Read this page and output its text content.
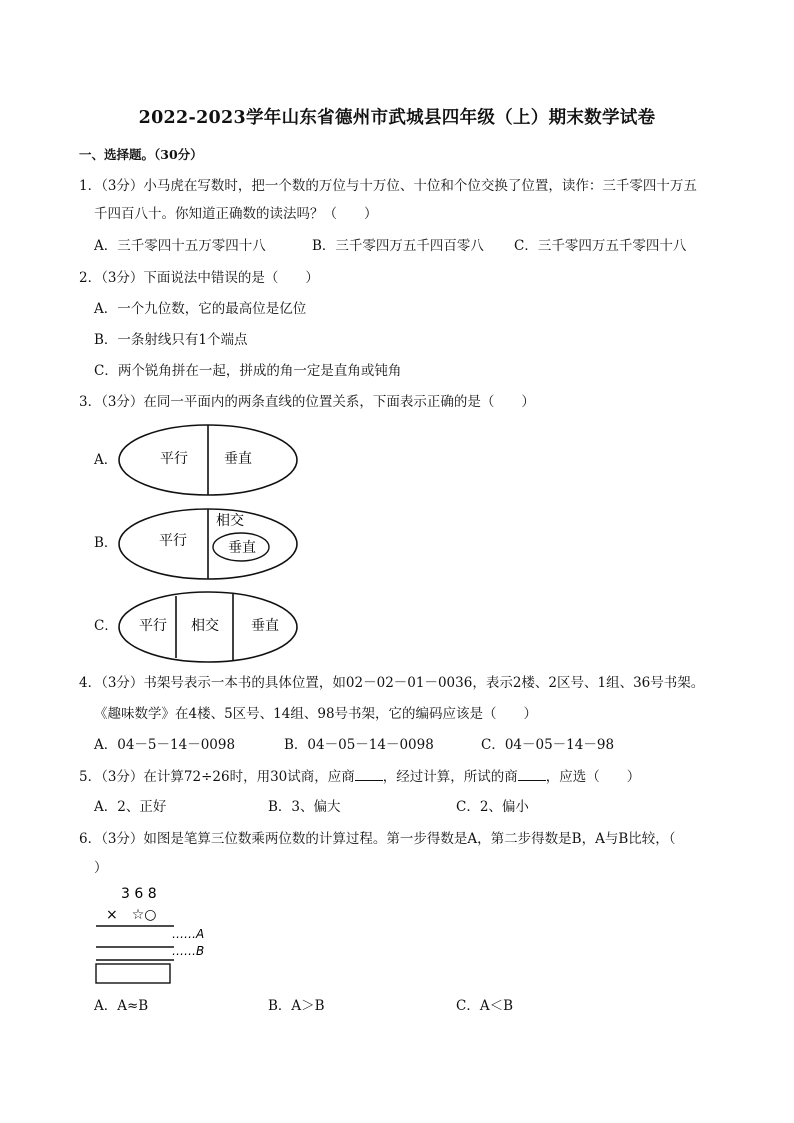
2022-2023学年山东省德州市武城县四年级（上）期末数学试卷
一、选择题。（30分）
1．（3分）小马虎在写数时，把一个数的万位与十万位、十位和个位交换了位置，读作：三千零四十万五
千四百八十。你知道正确数的读法吗？（　　）
A．三千零四十五万零四十八	B．三千零四万五千四百零八 C．三千零四万五千零四十八
2．（3分）下面说法中错误的是（　　）
A．一个九位数，它的最高位是亿位
B．一条射线只有1个端点
C．两个锐角拼在一起，拼成的角一定是直角或钝角
3．（3分）在同一平面内的两条直线的位置关系，下面表示正确的是（　　）
A．	平行	垂直
B．	平行
相交
垂直
C． 平行 相交 垂直
4．（3分）书架号表示一本书的具体位置，如02－02－01－0036，表示2楼、2区号、1组、36号书架。
《趣味数学》在4楼、5区号、14组、98号书架，它的编码应该是（　　）
A．04－5－14－0098	B．04－05－14－0098	C．04－05－14－98
5．（3分）在计算72÷26时，用30试商，应商 ，经过计算，所试的商 ，应选（　　）
A．2、正好	B．3、偏大	C．2、偏小
6．（3分）如图是笔算三位数乘两位数的计算过程。第一步得数是A，第二步得数是B，A与B比较，（
）
3 6 8
×　☆○
……A
……B
A．A≈B	B．A＞B	C．A＜B
